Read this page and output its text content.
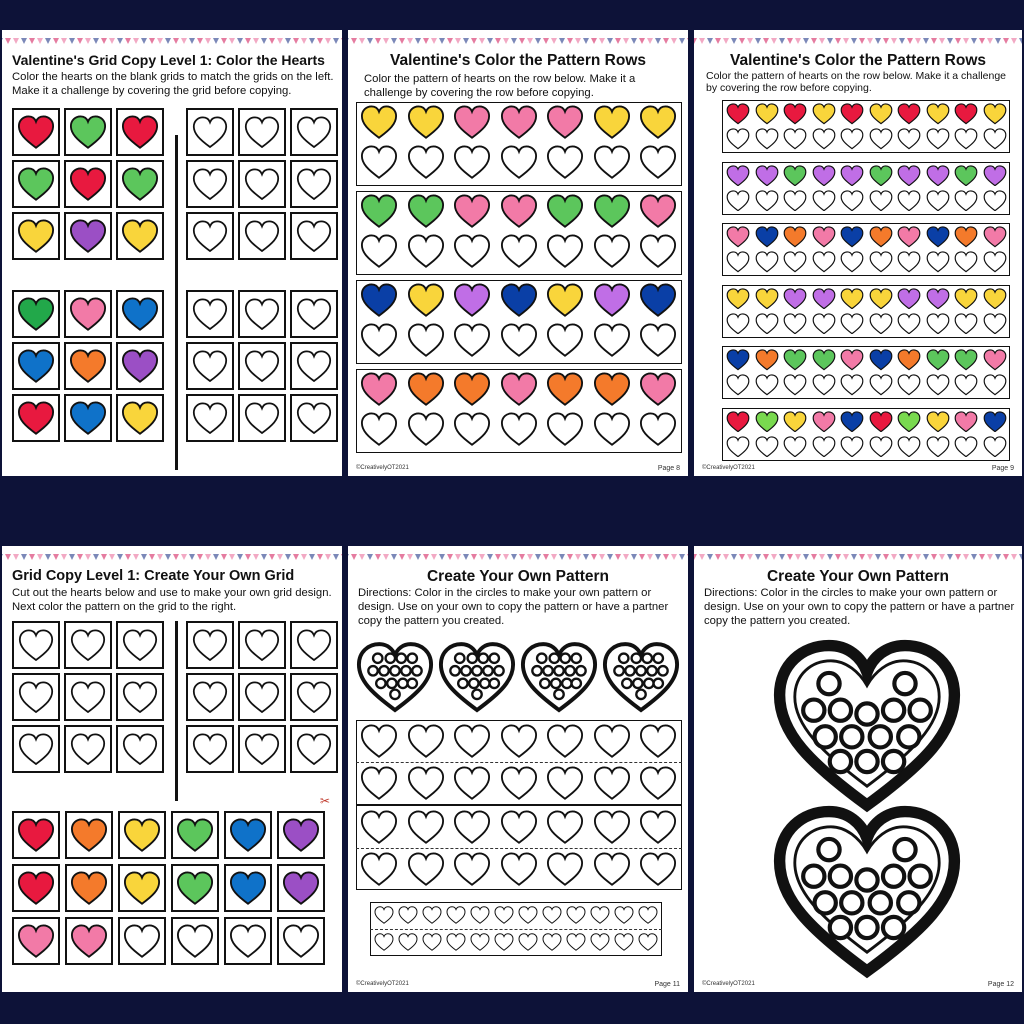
Valentine's Grid Copy Level 1: Color the Hearts
Color the hearts on the blank grids to match the grids on the left. Make it a challenge by covering the grid before copying.
Valentine's Color the Pattern Rows
Color the pattern of hearts on the row below. Make it a challenge by covering the row before copying.
©CreativelyOT2021	Page 8
Valentine's Color the Pattern Rows
Color the pattern of hearts on the row below. Make it a challenge by covering the row before copying.
©CreativelyOT2021	Page 9
Grid Copy Level 1: Create Your Own Grid
Cut out the hearts below and use to make your own grid design. Next color the pattern on the grid to the right.
✂
Create Your Own Pattern
Directions: Color in the circles to make your own pattern or design. Use on your own to copy the pattern or have a partner copy the pattern you created.
©CreativelyOT2021	Page 11
Create Your Own Pattern
Directions: Color in the circles to make your own pattern or design. Use on your own to copy the pattern or have a partner copy the pattern you created.
©CreativelyOT2021	Page 12
